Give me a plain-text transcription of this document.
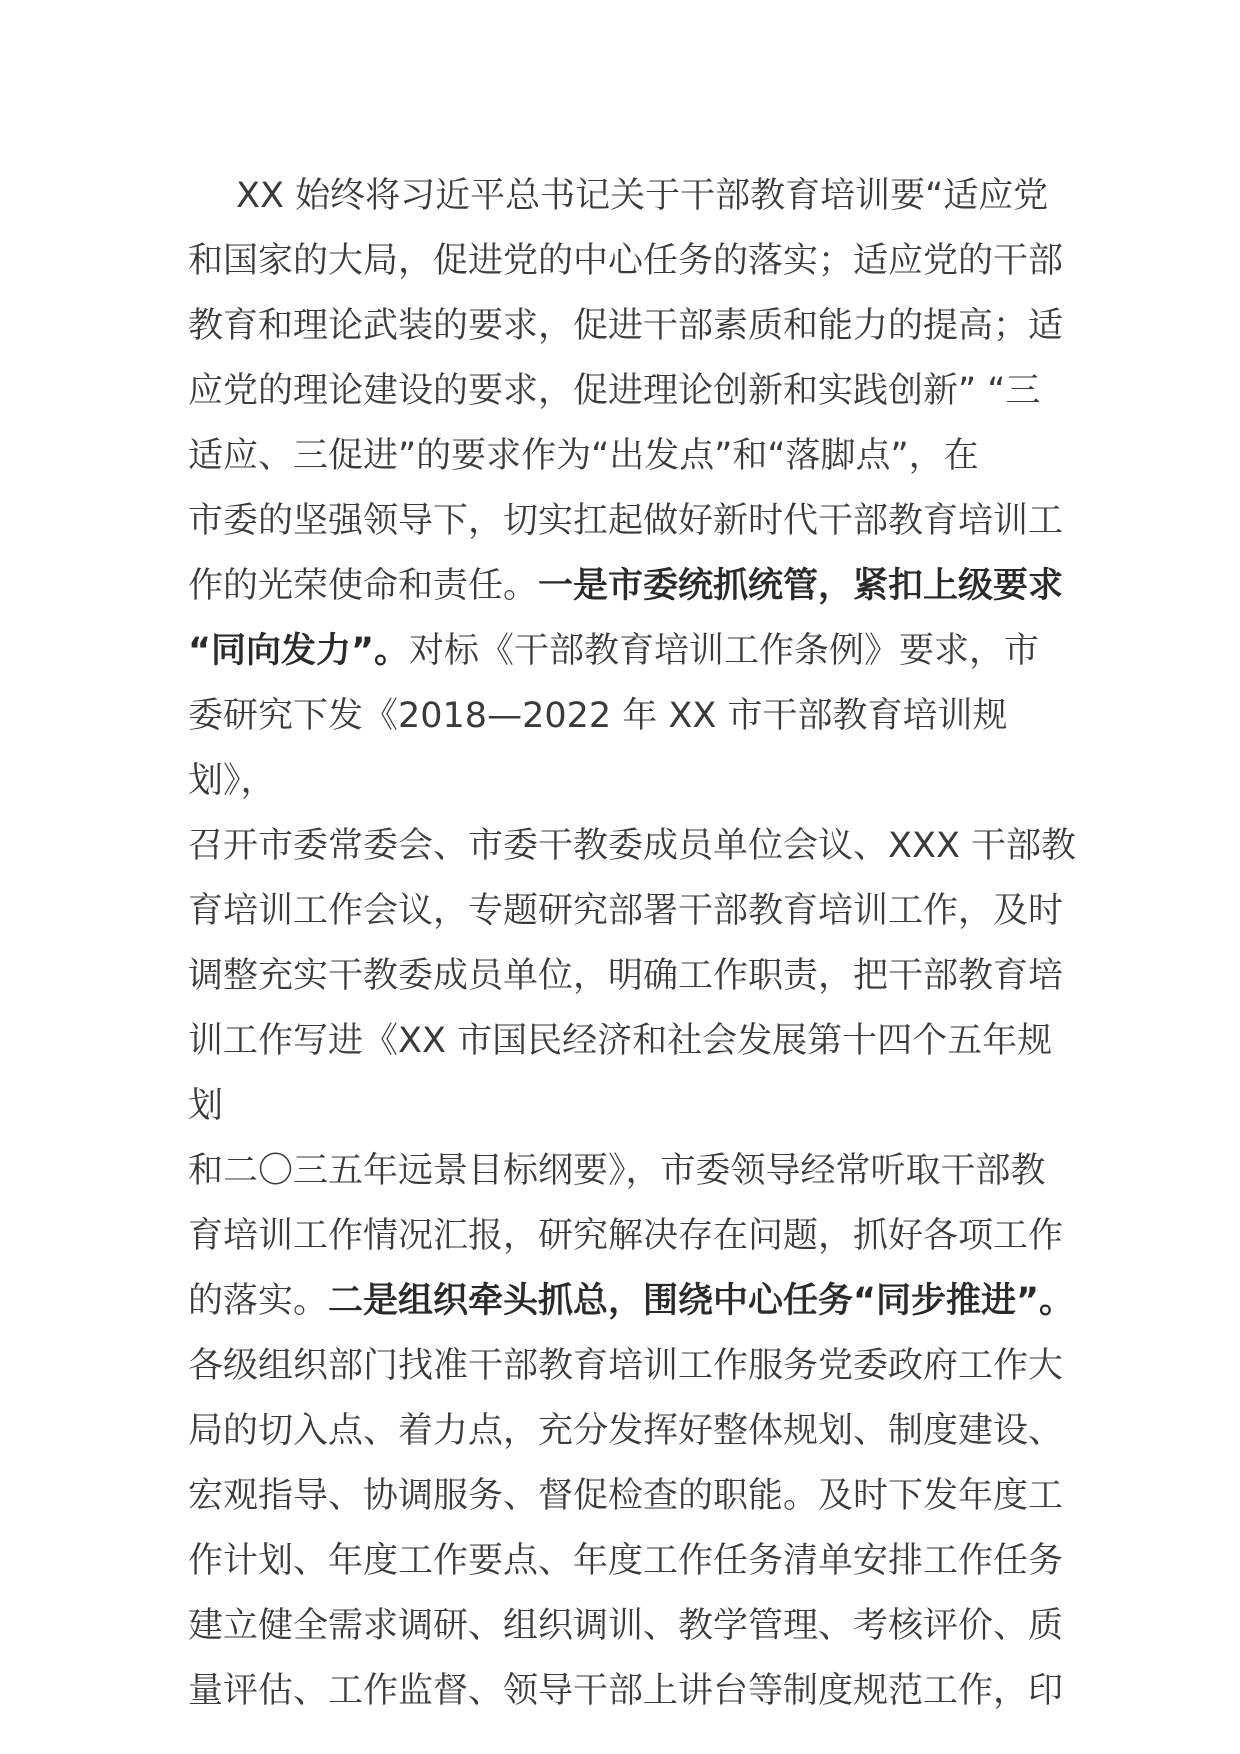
XX 始终将习近平总书记关于干部教育培训要“适应党
和国家的大局，促进党的中心任务的落实；适应党的干部
教育和理论武装的要求，促进干部素质和能力的提高；适
应党的理论建设的要求，促进理论创新和实践创新” “三
适应、三促进”的要求作为“出发点”和“落脚点”，在
市委的坚强领导下，切实扛起做好新时代干部教育培训工
作的光荣使命和责任。一是市委统抓统管，紧扣上级要求
“同向发力”。对标《干部教育培训工作条例》要求，市
委研究下发《2018—2022 年 XX 市干部教育培训规划》，
召开市委常委会、市委干教委成员单位会议、XXX 干部教
育培训工作会议，专题研究部署干部教育培训工作，及时
调整充实干教委成员单位，明确工作职责，把干部教育培
训工作写进《XX 市国民经济和社会发展第十四个五年规划
和二〇三五年远景目标纲要》，市委领导经常听取干部教
育培训工作情况汇报，研究解决存在问题，抓好各项工作
的落实。二是组织牵头抓总，围绕中心任务“同步推进”。
各级组织部门找准干部教育培训工作服务党委政府工作大
局的切入点、着力点，充分发挥好整体规划、制度建设、
宏观指导、协调服务、督促检查的职能。及时下发年度工
作计划、年度工作要点、年度工作任务清单安排工作任务
建立健全需求调研、组织调训、教学管理、考核评价、质
量评估、工作监督、领导干部上讲台等制度规范工作，印
